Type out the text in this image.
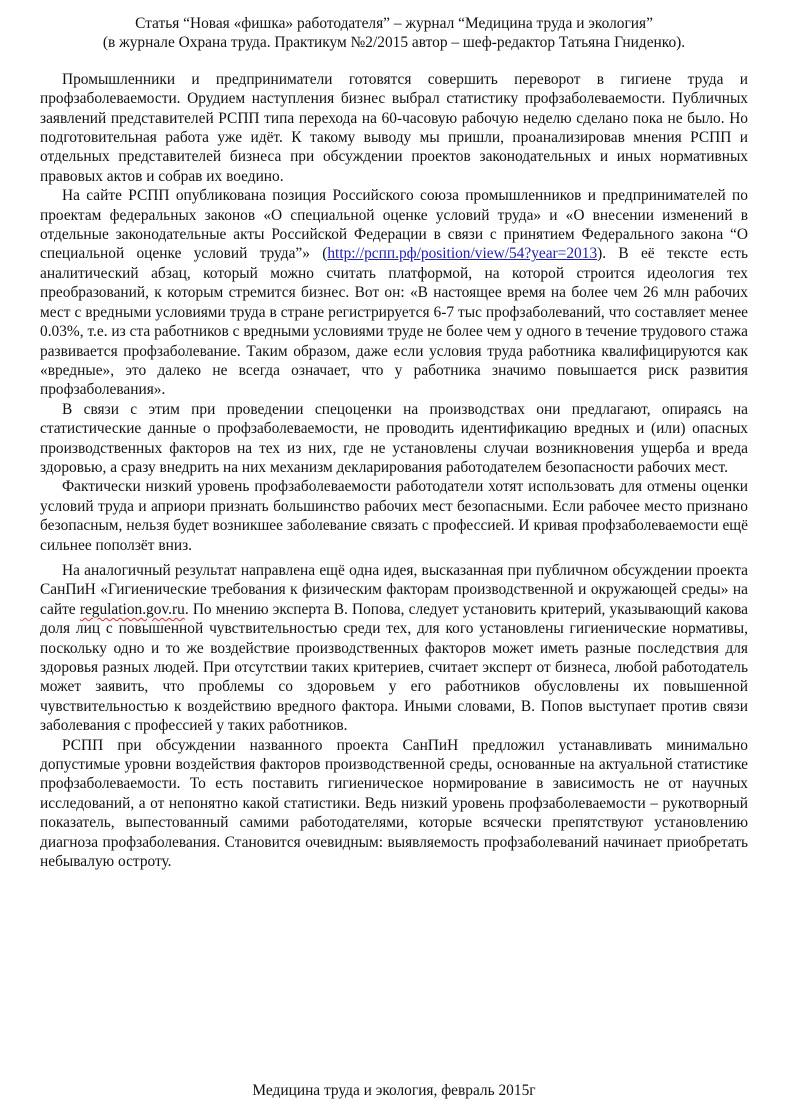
Статья “Новая «фишка» работодателя” – журнал “Медицина труда и экология”

(в журнале Охрана труда. Практикум №2/2015 автор – шеф-редактор Татьяна Гниденко).

Промышленники и предприниматели готовятся совершить переворот в гигиене труда и профзаболеваемости. Орудием наступления бизнес выбрал статистику профзаболеваемости. Публичных заявлений представителей РСПП типа перехода на 60-часовую рабочую неделю сделано пока не было. Но подготовительная работа уже идёт. К такому выводу мы пришли, проанализировав мнения РСПП и отдельных представителей бизнеса при обсуждении проектов законодательных и иных нормативных правовых актов и собрав их воедино.

На сайте РСПП опубликована позиция Российского союза промышленников и предпринимателей по проектам федеральных законов «О специальной оценке условий труда» и «О внесении изменений в отдельные законодательные акты Российской Федерации в связи с принятием Федерального закона “О специальной оценке условий труда”» (http://рспп.рф/position/view/54?year=2013). В её тексте есть аналитический абзац, который можно считать платформой, на которой строится идеология тех преобразований, к которым стремится бизнес. Вот он: «В настоящее время на более чем 26 млн рабочих мест с вредными условиями труда в стране регистрируется 6-7 тыс профзаболеваний, что составляет менее 0.03%, т.е. из ста работников с вредными условиями труде не более чем у одного в течение трудового стажа развивается профзаболевание. Таким образом, даже если условия труда работника квалифицируются как «вредные», это далеко не всегда означает, что у работника значимо повышается риск развития профзаболевания».

В связи с этим при проведении спецоценки на производствах они предлагают, опираясь на статистические данные о профзаболеваемости, не проводить идентификацию вредных и (или) опасных производственных факторов на тех из них, где не установлены случаи возникновения ущерба и вреда здоровью, а сразу внедрить на них механизм декларирования работодателем безопасности рабочих мест.

Фактически низкий уровень профзаболеваемости работодатели хотят использовать для отмены оценки условий труда и априори признать большинство рабочих мест безопасными. Если рабочее место признано безопасным, нельзя будет возникшее заболевание связать с профессией. И кривая профзаболеваемости ещё сильнее поползёт вниз.

На аналогичный результат направлена ещё одна идея, высказанная при публичном обсуждении проекта СанПиН «Гигиенические требования к физическим факторам производственной и окружающей среды» на сайте regulation.gov.ru. По мнению эксперта В. Попова, следует установить критерий, указывающий какова доля лиц с повышенной чувствительностью среди тех, для кого установлены гигиенические нормативы, поскольку одно и то же воздействие производственных факторов может иметь разные последствия для здоровья разных людей. При отсутствии таких критериев, считает эксперт от бизнеса, любой работодатель может заявить, что проблемы со здоровьем у его работников обусловлены их повышенной чувствительностью к воздействию вредного фактора. Иными словами, В. Попов выступает против связи заболевания с профессией у таких работников.

РСПП при обсуждении названного проекта СанПиН предложил устанавливать минимально допустимые уровни воздействия факторов производственной среды, основанные на актуальной статистике профзаболеваемости. То есть поставить гигиеническое нормирование в зависимость не от научных исследований, а от непонятно какой статистики. Ведь низкий уровень профзаболеваемости – рукотворный показатель, выпестованный самими работодателями, которые всячески препятствуют установлению диагноза профзаболевания. Становится очевидным: выявляемость профзаболеваний начинает приобретать небывалую остроту.

Медицина труда и экология, февраль 2015г
